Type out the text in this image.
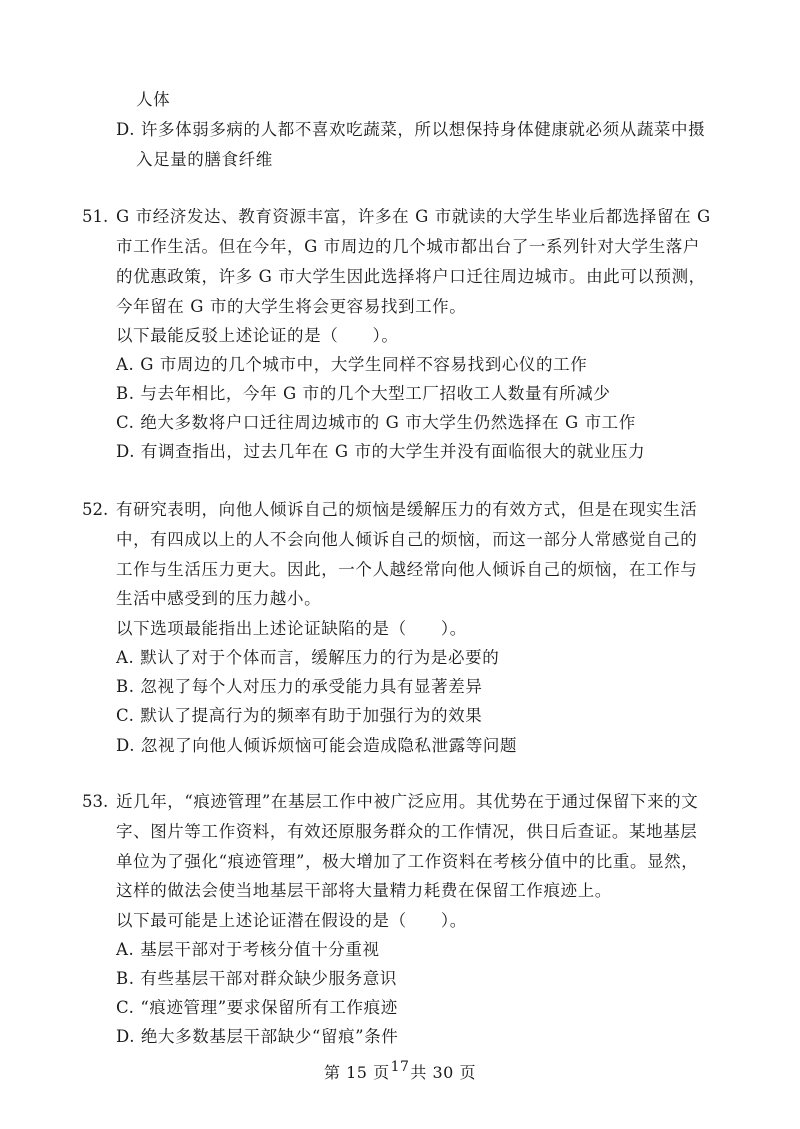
人体
D. 许多体弱多病的人都不喜欢吃蔬菜，所以想保持身体健康就必须从蔬菜中摄
入足量的膳食纤维
51. G 市经济发达、教育资源丰富，许多在 G 市就读的大学生毕业后都选择留在 G
市工作生活。但在今年，G 市周边的几个城市都出台了一系列针对大学生落户
的优惠政策，许多 G 市大学生因此选择将户口迁往周边城市。由此可以预测，
今年留在 G 市的大学生将会更容易找到工作。
以下最能反驳上述论证的是（　　）。
A. G 市周边的几个城市中，大学生同样不容易找到心仪的工作
B. 与去年相比，今年 G 市的几个大型工厂招收工人数量有所减少
C. 绝大多数将户口迁往周边城市的 G 市大学生仍然选择在 G 市工作
D. 有调查指出，过去几年在 G 市的大学生并没有面临很大的就业压力
52. 有研究表明，向他人倾诉自己的烦恼是缓解压力的有效方式，但是在现实生活
中，有四成以上的人不会向他人倾诉自己的烦恼，而这一部分人常感觉自己的
工作与生活压力更大。因此，一个人越经常向他人倾诉自己的烦恼，在工作与
生活中感受到的压力越小。
以下选项最能指出上述论证缺陷的是（　　）。
A. 默认了对于个体而言，缓解压力的行为是必要的
B. 忽视了每个人对压力的承受能力具有显著差异
C. 默认了提高行为的频率有助于加强行为的效果
D. 忽视了向他人倾诉烦恼可能会造成隐私泄露等问题
53. 近几年，“痕迹管理”在基层工作中被广泛应用。其优势在于通过保留下来的文
字、图片等工作资料，有效还原服务群众的工作情况，供日后查证。某地基层
单位为了强化“痕迹管理”，极大增加了工作资料在考核分值中的比重。显然，
这样的做法会使当地基层干部将大量精力耗费在保留工作痕迹上。
以下最可能是上述论证潜在假设的是（　　）。
A. 基层干部对于考核分值十分重视
B. 有些基层干部对群众缺少服务意识
C. “痕迹管理”要求保留所有工作痕迹
D. 绝大多数基层干部缺少“留痕”条件
第 15 页17共 30 页
